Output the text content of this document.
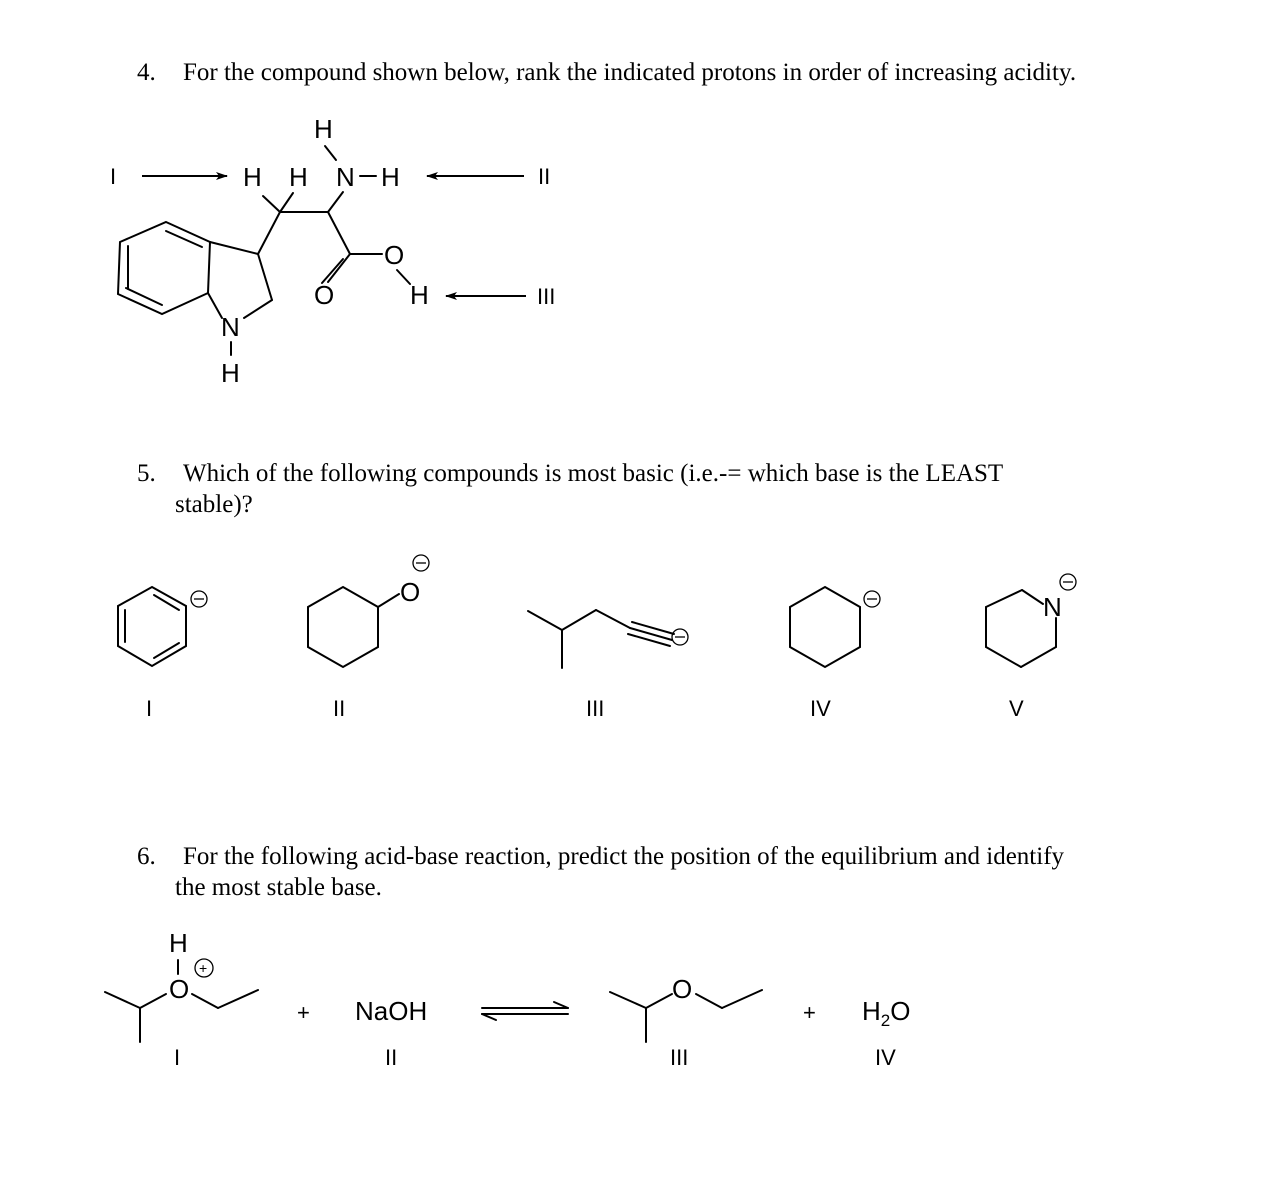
4. For the compound shown below, rank the indicated protons in order of increasing acidity.
5. Which of the following compounds is most basic (i.e.-= which base is the LEAST
stable)?
6. For the following acid-base reaction, predict the position of the equilibrium and identify
the most stable base.
N
H
H
H H N H
O
H
O
I	II
III
I
O
II	III	IV
N
V
H
+
O
I
+ NaOH
II
O
III
+ $H_2O$
IV
